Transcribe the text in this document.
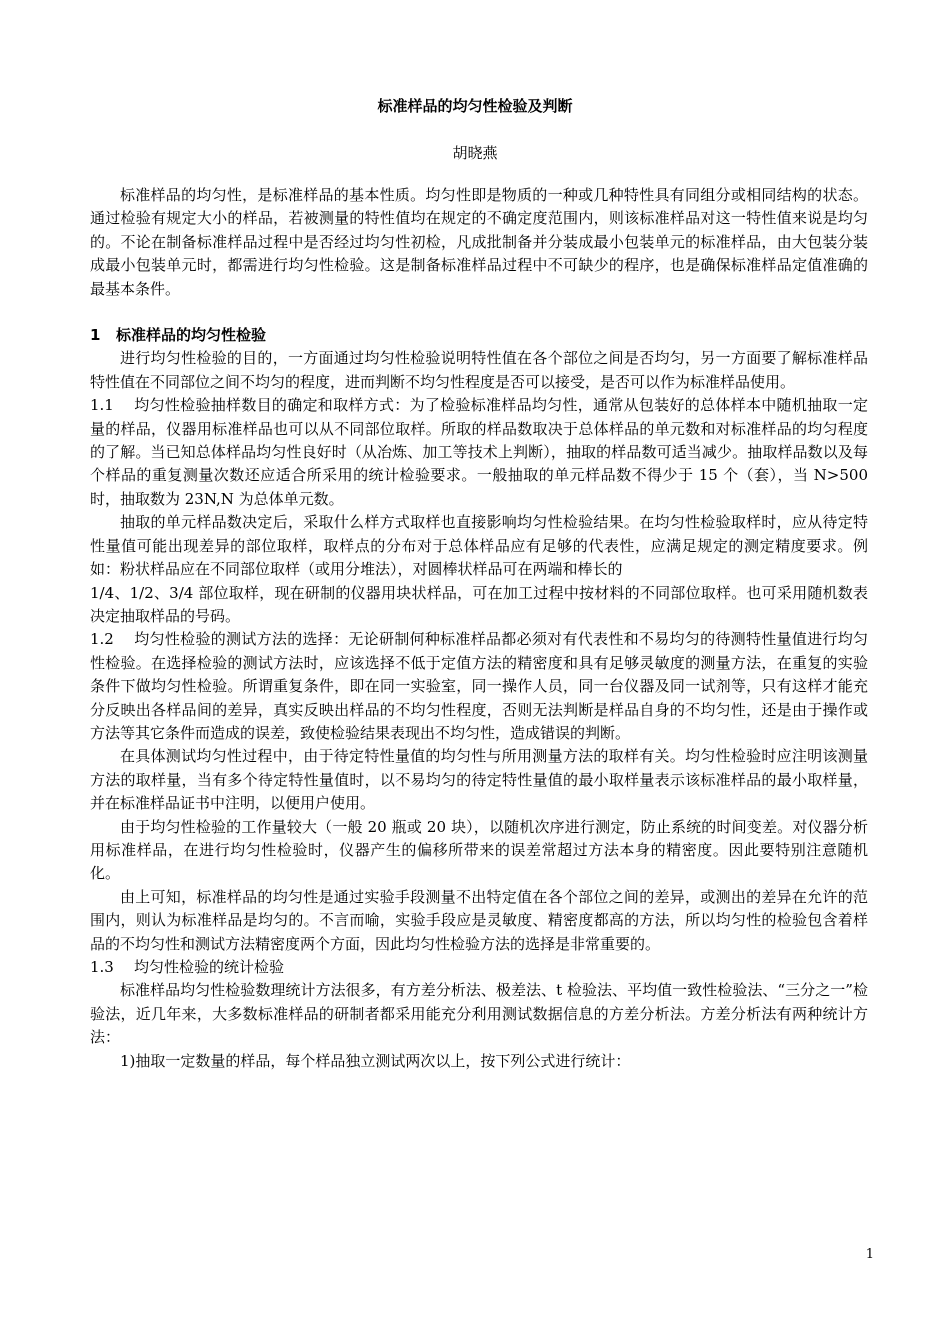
标准样品的均匀性检验及判断
胡晓燕

标准样品的均匀性，是标准样品的基本性质。均匀性即是物质的一种或几种特性具有同组分或相同结构的状态。通过检验有规定大小的样品，若被测量的特性值均在规定的不确定度范围内，则该标准样品对这一特性值来说是均匀的。不论在制备标准样品过程中是否经过均匀性初检，凡成批制备并分装成最小包装单元的标准样品，由大包装分装成最小包装单元时，都需进行均匀性检验。这是制备标准样品过程中不可缺少的程序，也是确保标准样品定值准确的最基本条件。

1 标准样品的均匀性检验

进行均匀性检验的目的，一方面通过均匀性检验说明特性值在各个部位之间是否均匀，另一方面要了解标准样品特性值在不同部位之间不均匀的程度，进而判断不均匀性程度是否可以接受，是否可以作为标准样品使用。

1.1 均匀性检验抽样数目的确定和取样方式：为了检验标准样品均匀性，通常从包装好的总体样本中随机抽取一定量的样品，仪器用标准样品也可以从不同部位取样。所取的样品数取决于总体样品的单元数和对标准样品的均匀程度的了解。当已知总体样品均匀性良好时（从冶炼、加工等技术上判断），抽取的样品数可适当减少。抽取样品数以及每个样品的重复测量次数还应适合所采用的统计检验要求。一般抽取的单元样品数不得少于 15 个（套），当 N>500 时，抽取数为 23N,N 为总体单元数。

抽取的单元样品数决定后，采取什么样方式取样也直接影响均匀性检验结果。在均匀性检验取样时，应从待定特性量值可能出现差异的部位取样，取样点的分布对于总体样品应有足够的代表性，应满足规定的测定精度要求。例如：粉状样品应在不同部位取样（或用分堆法），对圆棒状样品可在两端和棒长的

1/4、1/2、3/4 部位取样，现在研制的仪器用块状样品，可在加工过程中按材料的不同部位取样。也可采用随机数表决定抽取样品的号码。

1.2 均匀性检验的测试方法的选择：无论研制何种标准样品都必须对有代表性和不易均匀的待测特性量值进行均匀性检验。在选择检验的测试方法时，应该选择不低于定值方法的精密度和具有足够灵敏度的测量方法，在重复的实验条件下做均匀性检验。所谓重复条件，即在同一实验室，同一操作人员，同一台仪器及同一试剂等，只有这样才能充分反映出各样品间的差异，真实反映出样品的不均匀性程度，否则无法判断是样品自身的不均匀性，还是由于操作或方法等其它条件而造成的误差，致使检验结果表现出不均匀性，造成错误的判断。

在具体测试均匀性过程中，由于待定特性量值的均匀性与所用测量方法的取样有关。均匀性检验时应注明该测量方法的取样量，当有多个待定特性量值时，以不易均匀的待定特性量值的最小取样量表示该标准样品的最小取样量，并在标准样品证书中注明，以便用户使用。

由于均匀性检验的工作量较大（一般 20 瓶或 20 块），以随机次序进行测定，防止系统的时间变差。对仪器分析用标准样品，在进行均匀性检验时，仪器产生的偏移所带来的误差常超过方法本身的精密度。因此要特别注意随机化。

由上可知，标准样品的均匀性是通过实验手段测量不出特定值在各个部位之间的差异，或测出的差异在允许的范围内，则认为标准样品是均匀的。不言而喻，实验手段应是灵敏度、精密度都高的方法，所以均匀性的检验包含着样品的不均匀性和测试方法精密度两个方面，因此均匀性检验方法的选择是非常重要的。

1.3 均匀性检验的统计检验

标准样品均匀性检验数理统计方法很多，有方差分析法、极差法、t 检验法、平均值一致性检验法、“三分之一”检验法，近几年来，大多数标准样品的研制者都采用能充分利用测试数据信息的方差分析法。方差分析法有两种统计方法：

1)抽取一定数量的样品，每个样品独立测试两次以上，按下列公式进行统计：

1
